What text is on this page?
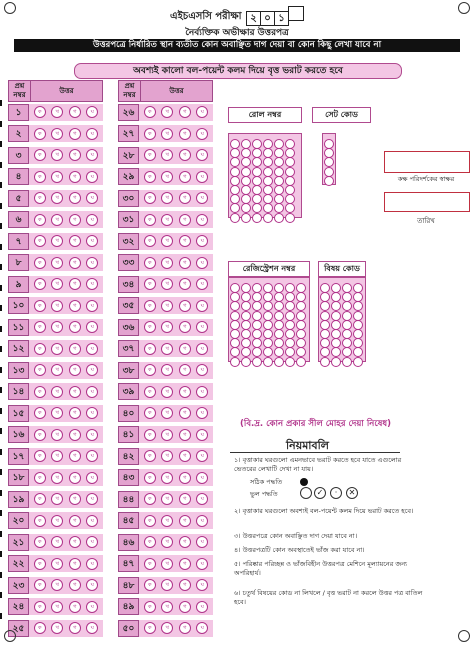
এইচএসসি পরীক্ষা ২ ০ ১
নৈর্ব্যক্তিক অভীক্ষার উত্তরপত্র
উত্তরপত্রে নির্ধারিত স্থান ব্যতীত কোন অবাঞ্ছিত দাগ দেয়া বা কোন কিছু লেখা যাবে না
অবশ্যই কালো বল-পয়েন্ট কলম দিয়ে বৃত্ত ভরাট করতে হবে
প্রশ্ন নম্বর	উত্তর
১	ক	খ	গ	ঘ
২	ক	খ	গ	ঘ
৩	ক	খ	গ	ঘ
৪	ক	খ	গ	ঘ
৫	ক	খ	গ	ঘ
৬	ক	খ	গ	ঘ
৭	ক	খ	গ	ঘ
৮	ক	খ	গ	ঘ
৯	ক	খ	গ	ঘ
১০	ক	খ	গ	ঘ
১১	ক	খ	গ	ঘ
১২	ক	খ	গ	ঘ
১৩	ক	খ	গ	ঘ
১৪	ক	খ	গ	ঘ
১৫	ক	খ	গ	ঘ
১৬	ক	খ	গ	ঘ
১৭	ক	খ	গ	ঘ
১৮	ক	খ	গ	ঘ
১৯	ক	খ	গ	ঘ
২০	ক	খ	গ	ঘ
২১	ক	খ	গ	ঘ
২২	ক	খ	গ	ঘ
২৩	ক	খ	গ	ঘ
২৪	ক	খ	গ	ঘ
২৫	ক	খ	গ	ঘ
প্রশ্ন নম্বর	উত্তর
২৬	ক	খ	গ	ঘ
২৭	ক	খ	গ	ঘ
২৮	ক	খ	গ	ঘ
২৯	ক	খ	গ	ঘ
৩০	ক	খ	গ	ঘ
৩১	ক	খ	গ	ঘ
৩২	ক	খ	গ	ঘ
৩৩	ক	খ	গ	ঘ
৩৪	ক	খ	গ	ঘ
৩৫	ক	খ	গ	ঘ
৩৬	ক	খ	গ	ঘ
৩৭	ক	খ	গ	ঘ
৩৮	ক	খ	গ	ঘ
৩৯	ক	খ	গ	ঘ
৪০	ক	খ	গ	ঘ
৪১	ক	খ	গ	ঘ
৪২	ক	খ	গ	ঘ
৪৩	ক	খ	গ	ঘ
৪৪	ক	খ	গ	ঘ
৪৫	ক	খ	গ	ঘ
৪৬	ক	খ	গ	ঘ
৪৭	ক	খ	গ	ঘ
৪৮	ক	খ	গ	ঘ
৪৯	ক	খ	গ	ঘ
৫০	ক	খ	গ	ঘ
রোল নম্বর	সেট কোড
কক্ষ পরিদর্শকের স্বাক্ষর
তারিখ
রেজিস্ট্রেশন নম্বর	বিষয় কোড
(বি.দ্র. কোন প্রকার সীল মোহর দেয়া নিষেধ)
নিয়মাবলি
১। বৃত্তাকার ঘরগুলো এমনভাবে ভরাট করতে হবে যাতে এগুলোর ভেতরের লেখাটি দেখা না যায়।
সঠিক পদ্ধতি
ভুল পদ্ধতি	✓	·	✕
২। বৃত্তাকার ঘরগুলো অবশ্যই বল-পয়েন্ট কলম দিয়ে ভরাট করতে হবে।
৩। উত্তরপত্রে কোন অবাঞ্ছিত দাগ দেয়া যাবে না।
৪। উত্তরপত্রটি কোন অবস্থাতেই ভাঁজ করা যাবে না।
৫। পরিষ্কার পরিচ্ছন্ন ও ভাঁজবিহীন উত্তরপত্র মেশিনে মূল্যায়নের জন্য অপরিহার্য।
৬। চতুর্থ বিষয়ের কোড না লিখলে / বৃত্ত ভরাট না করলে উত্তর পত্র বাতিল হবে।
